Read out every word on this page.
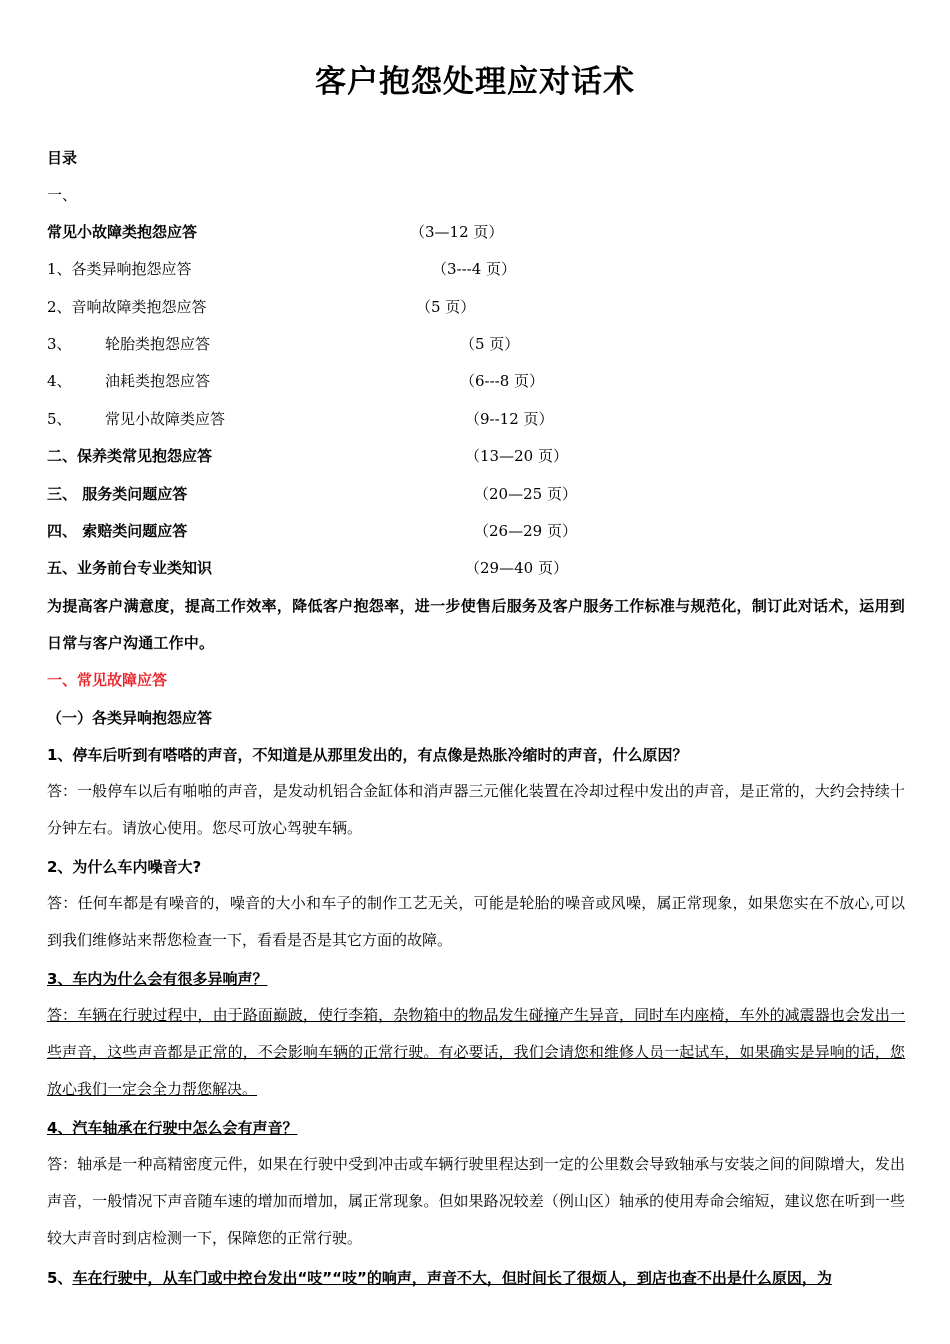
客户抱怨处理应对话术
目录
一、
常见小故障类抱怨应答	（3—12 页）
1、各类异响抱怨应答	（3---4 页）
2、音响故障类抱怨应答	（5 页）
3、 轮胎类抱怨应答	（5 页）
4、 油耗类抱怨应答	（6---8 页）
5、 常见小故障类应答	（9--12 页）
二、保养类常见抱怨应答	（13—20 页）
三、 服务类问题应答	（20—25 页）
四、 索赔类问题应答	（26—29 页）
五、业务前台专业类知识	（29—40 页）
为提高客户满意度，提高工作效率，降低客户抱怨率，进一步使售后服务及客户服务工作标准与规范化，制订此对话术，运用到日常与客户沟通工作中。
一、常见故障应答
（一）各类异响抱怨应答
1、停车后听到有嗒嗒的声音，不知道是从那里发出的，有点像是热胀冷缩时的声音，什么原因？
答：一般停车以后有啪啪的声音，是发动机铝合金缸体和消声器三元催化装置在冷却过程中发出的声音，是正常的，大约会持续十分钟左右。请放心使用。您尽可放心驾驶车辆。
2、为什么车内噪音大?
答：任何车都是有噪音的，噪音的大小和车子的制作工艺无关，可能是轮胎的噪音或风噪，属正常现象，如果您实在不放心,可以到我们维修站来帮您检查一下，看看是否是其它方面的故障。
3、车内为什么会有很多异响声？
答：车辆在行驶过程中，由于路面巅跛，使行李箱，杂物箱中的物品发生碰撞产生异音，同时车内座椅，车外的减震器也会发出一些声音，这些声音都是正常的，不会影响车辆的正常行驶。有必要话，我们会请您和维修人员一起试车，如果确实是异响的话，您放心我们一定会全力帮您解决。
4、汽车轴承在行驶中怎么会有声音？
答：轴承是一种高精密度元件，如果在行驶中受到冲击或车辆行驶里程达到一定的公里数会导致轴承与安装之间的间隙增大，发出声音，一般情况下声音随车速的增加而增加，属正常现象。但如果路况较差（例山区）轴承的使用寿命会缩短，建议您在听到一些较大声音时到店检测一下，保障您的正常行驶。
5、车在行驶中，从车门或中控台发出“吱”“吱”的响声，声音不大，但时间长了很烦人，到店也查不出是什么原因，为
